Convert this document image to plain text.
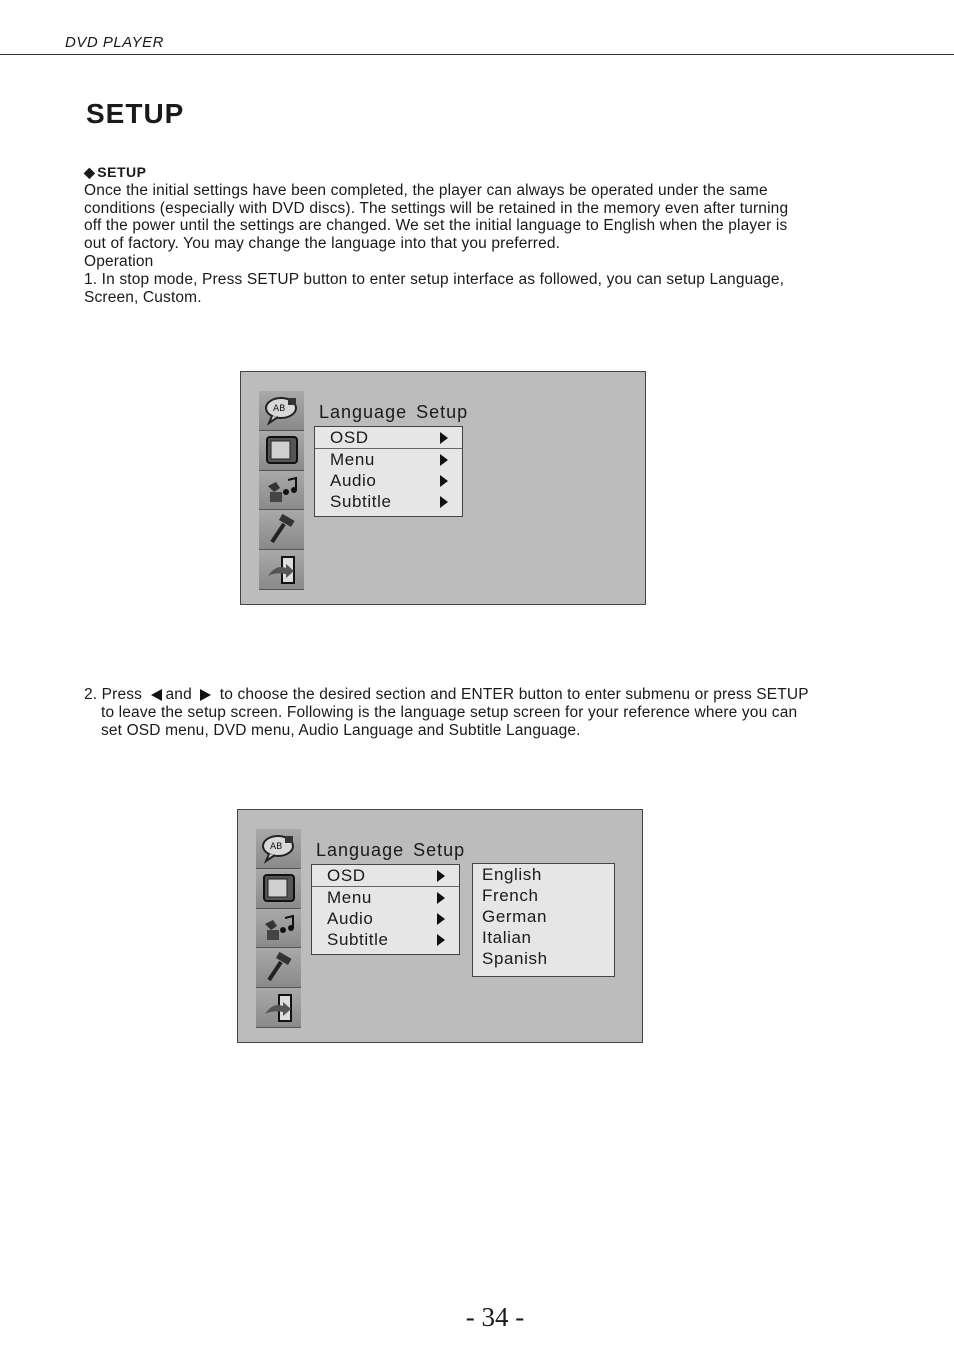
DVD PLAYER
SETUP
◆ SETUP
Once the initial settings have been completed, the player can always be operated under the same
conditions (especially with DVD discs). The settings will be retained in the memory even after turning
off the power until the settings are changed. We set the initial language to English when the player is
out of factory. You may change the language into that you preferred.
Operation
1. In stop mode, Press SETUP button to enter setup interface as followed, you can setup Language,
Screen, Custom.
AB Language Setup
OSD
Menu
Audio
Subtitle
2. Press and to choose the desired section and ENTER button to enter submenu or press SETUP
to leave the setup screen. Following is the language setup screen for your reference where you can
set OSD menu, DVD menu, Audio Language and Subtitle Language.
AB Language Setup
OSD
Menu
Audio
Subtitle
English
French
German
Italian
Spanish
- 34 -
